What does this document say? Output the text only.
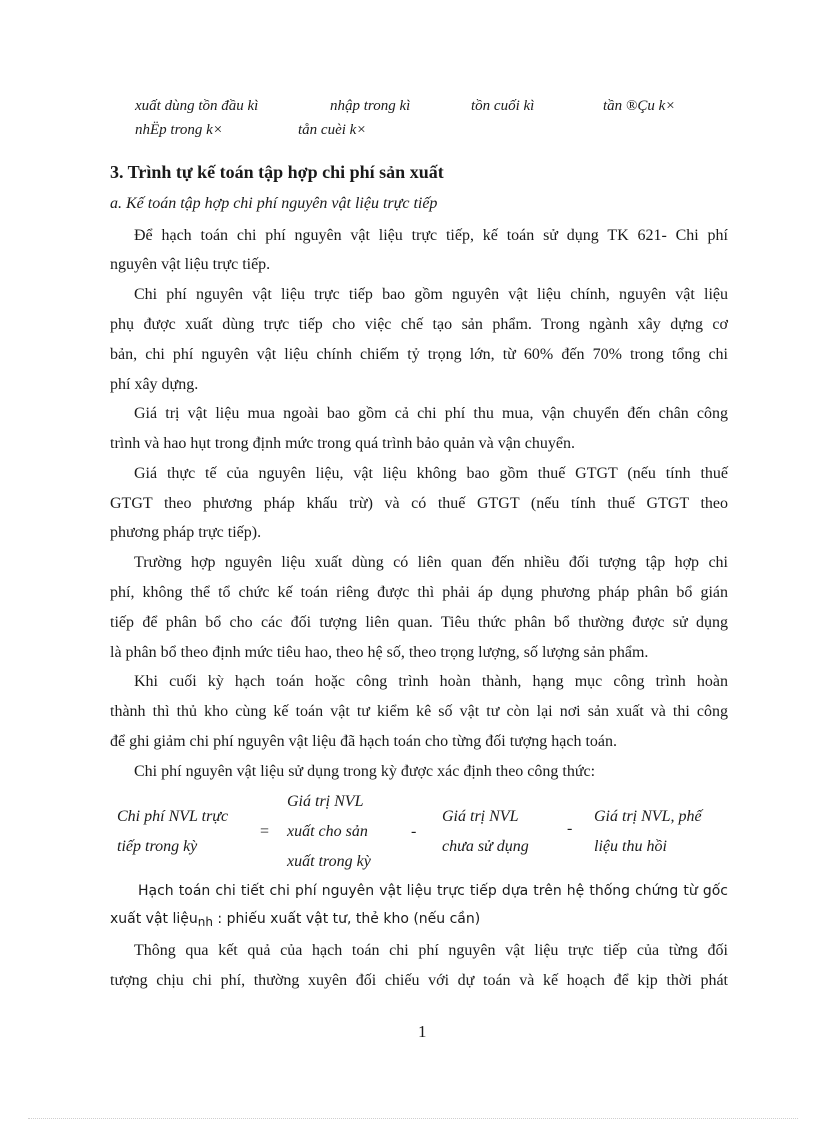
xuất dùng tồn đầu kì	nhập trong kì	tồn cuối kì	tần ®Çu k×
nhËp trong k×	tån cuèi k×
3. Trình tự kế toán tập hợp chi phí sản xuất
a. Kế toán tập hợp chi phí nguyên vật liệu trực tiếp
Để hạch toán chi phí nguyên vật liệu trực tiếp, kế toán sử dụng TK 621- Chi phí
nguyên vật liệu trực tiếp.
Chi phí nguyên vật liệu trực tiếp bao gồm nguyên vật liệu chính, nguyên vật liệu
phụ được xuất dùng trực tiếp cho việc chế tạo sản phẩm. Trong ngành xây dựng cơ
bản, chi phí nguyên vật liệu chính chiếm tỷ trọng lớn, từ 60% đến 70% trong tổng chi
phí xây dựng.
Giá trị vật liệu mua ngoài bao gồm cả chi phí thu mua, vận chuyển đến chân công
trình và hao hụt trong định mức trong quá trình bảo quản và vận chuyển.
Giá thực tế của nguyên liệu, vật liệu không bao gồm thuế GTGT (nếu tính thuế
GTGT theo phương pháp khấu trừ) và có thuế GTGT (nếu tính thuế GTGT theo
phương pháp trực tiếp).
Trường hợp nguyên liệu xuất dùng có liên quan đến nhiều đối tượng tập hợp chi
phí, không thể tổ chức kế toán riêng được thì phải áp dụng phương pháp phân bổ gián
tiếp để phân bổ cho các đối tượng liên quan. Tiêu thức phân bổ thường được sử dụng
là phân bổ theo định mức tiêu hao, theo hệ số, theo trọng lượng, số lượng sản phẩm.
Khi cuối kỳ hạch toán hoặc công trình hoàn thành, hạng mục công trình hoàn
thành thì thủ kho cùng kế toán vật tư kiểm kê số vật tư còn lại nơi sản xuất và thi công
để ghi giảm chi phí nguyên vật liệu đã hạch toán cho từng đối tượng hạch toán.
Chi phí nguyên vật liệu sử dụng trong kỳ được xác định theo công thức:
Chi phí NVL trực
tiếp trong kỳ
=
Giá trị NVL
xuất cho sản
xuất trong kỳ
-
Giá trị NVL
chưa sử dụng
-
Giá trị NVL, phế
liệu thu hồi
Hạch toán chi tiết chi phí nguyên vật liệu trực tiếp dựa trên hệ thống chứng từ gốc
xuất vật liệunh : phiếu xuất vật tư, thẻ kho (nếu cần)
Thông qua kết quả của hạch toán chi phí nguyên vật liệu trực tiếp của từng đối
tượng chịu chi phí, thường xuyên đối chiếu với dự toán và kế hoạch để kịp thời phát
1
